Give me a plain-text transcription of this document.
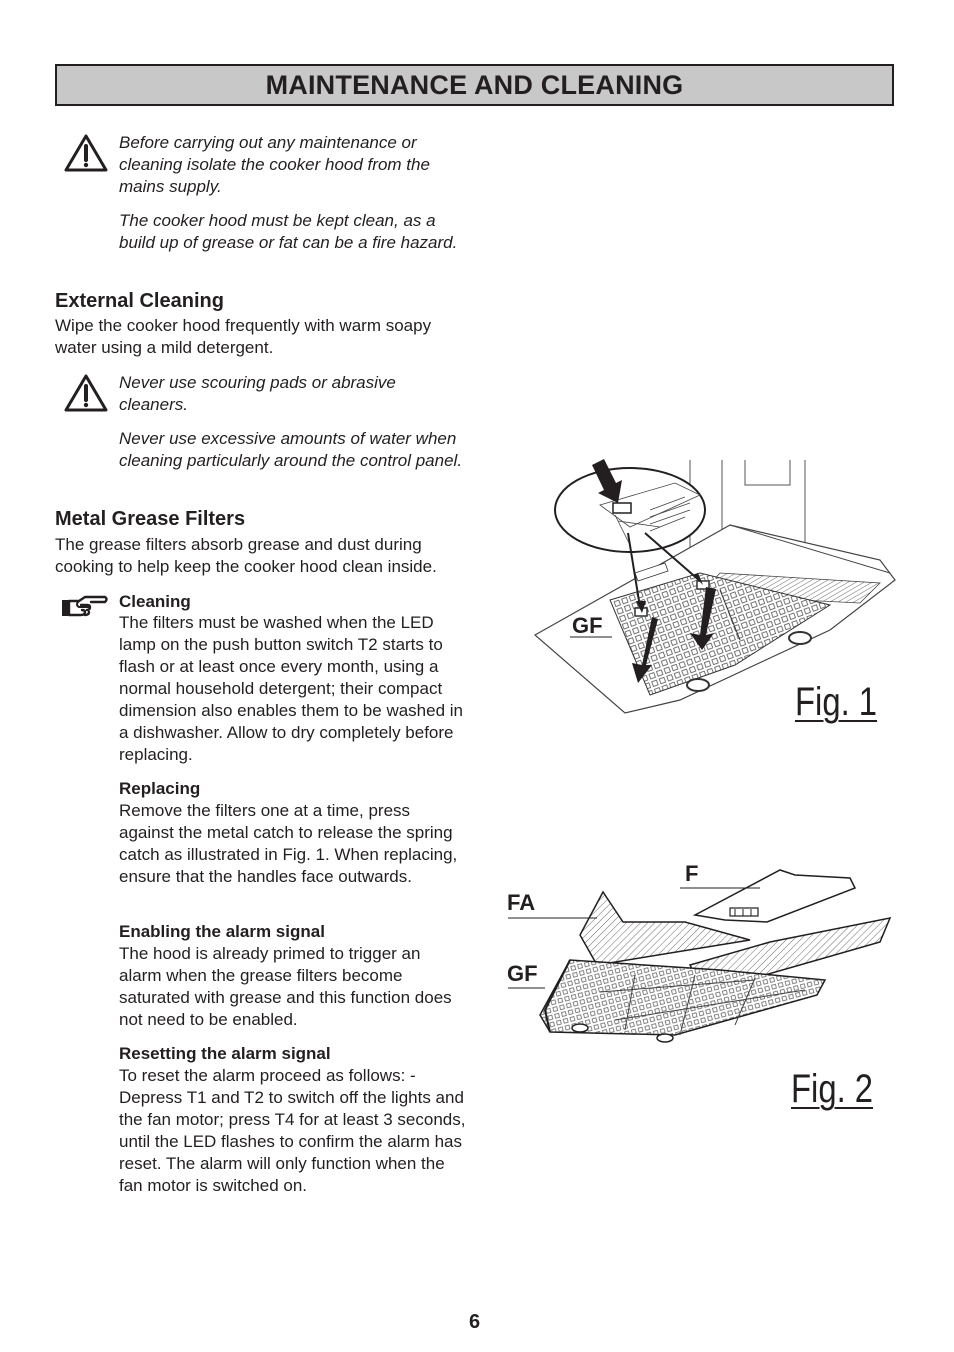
MAINTENANCE AND CLEANING
Before carrying out any maintenance or cleaning isolate the cooker hood from the mains supply.
The cooker hood must be kept clean, as a build up of grease or fat can be a fire hazard.
External Cleaning
Wipe the cooker hood frequently with warm soapy water using a mild detergent.
Never use scouring pads or abrasive cleaners.
Never use excessive amounts of water when cleaning particularly around the control panel.
Metal Grease Filters
The grease filters absorb grease and dust during cooking to help keep the cooker hood clean inside.
Cleaning
The filters must be washed when the LED lamp on the push button switch T2 starts to flash or at least once every month, using a normal household detergent; their compact dimension also enables them to be washed in a dishwasher. Allow to dry completely before replacing.
Replacing
Remove the filters one at a time, press against the metal catch to release the spring catch as illustrated in Fig. 1. When replacing, ensure that the handles face outwards.
Enabling the alarm signal
The hood is already primed to trigger an alarm when the grease filters become saturated with grease and this function does not need to be enabled.
Resetting the alarm signal
To reset the alarm proceed as follows: - Depress T1 and T2 to switch off the lights and the fan motor; press T4 for at least 3 seconds, until the LED flashes to confirm the alarm has reset. The alarm will only function when the fan motor is switched on.
GF
Fig. 1
F
FA
GF
Fig. 2
6
